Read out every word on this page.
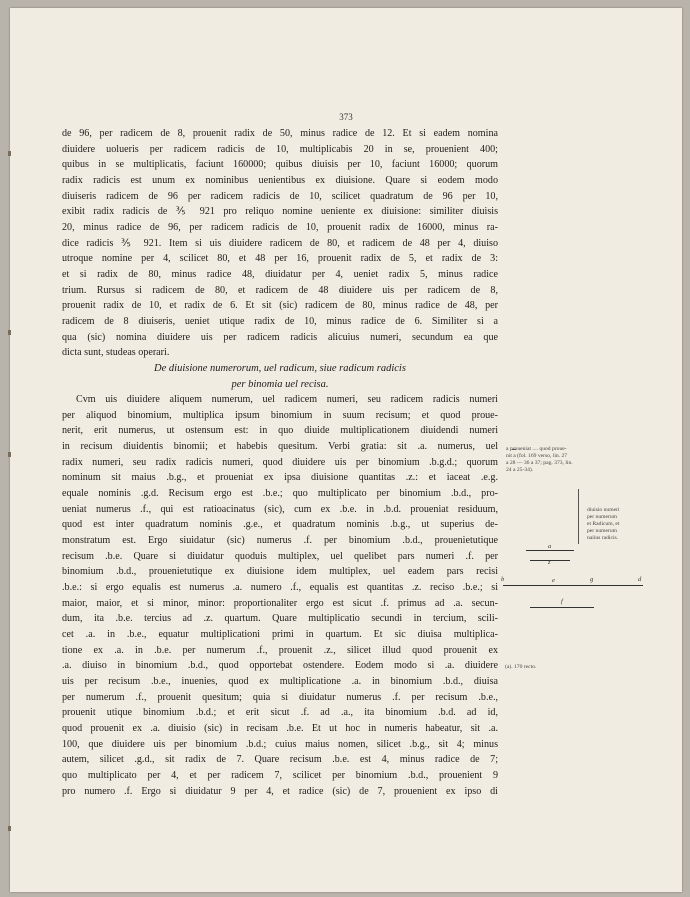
373
de 96, per radicem de 8, prouenit radix de 50, minus radice de 12. Et si eadem nomina
diuidere uolueris per radicem radicis de 10, multiplicabis 20 in se, prouenient 400;
quibus in se multiplicatis, faciunt 160000; quibus diuisis per 10, faciunt 16000; quorum
radix radicis est unum ex nominibus uenientibus ex diuisione. Quare si eodem modo
diuiseris radicem de 96 per radicem radicis de 10, scilicet quadratum de 96 per 10,
exibit radix radicis de ⅗ 921 pro reliquo nomine ueniente ex diuisione: similiter diuisis
20, minus radice de 96, per radicem radicis de 10, prouenit radix de 16000, minus ra-
dice radicis ⅗ 921. Item si uis diuidere radicem de 80, et radicem de 48 per 4, diuiso
utroque nomine per 4, scilicet 80, et 48 per 16, prouenit radix de 5, et radix de 3:
et si radix de 80, minus radice 48, diuidatur per 4, ueniet radix 5, minus radice
trium. Rursus si radicem de 80, et radicem de 48 diuidere uis per radicem de 8,
prouenit radix de 10, et radix de 6. Et sit (sic) radicem de 80, minus radice de 48, per
radicem de 8 diuiseris, ueniet utique radix de 10, minus radice de 6. Similiter si a
qua (sic) nomina diuidere uis per radicem radicis alicuius numeri, secundum ea que
dicta sunt, studeas operari.
De diuisione numerorum, uel radicum, siue radicum radicis
per binomia uel recisa.
Cvm uis diuidere aliquem numerum, uel radicem numeri, seu radicem radicis numeri
per aliquod binomium, multiplica ipsum binomium in suum recisum; et quod proue-
nerit, erit numerus, ut ostensum est: in quo diuide multiplicationem diuidendi numeri
in recisum diuidentis binomii; et habebis quesitum. Verbi gratia: sit .a. numerus, uel
radix numeri, seu radix radicis numeri, quod diuidere uis per binomium .b.g.d.; quorum
nominum sit maius .b.g., et proueniat ex ipsa diuisione quantitas .z.: et iaceat .e.g.
equale nominis .g.d. Recisum ergo est .b.e.; quo multiplicato per binomium .b.d., pro-
ueniat numerus .f., qui est ratioacinatus (sic), cum ex .b.e. in .b.d. proueniat residuum,
quod est inter quadratum nominis .g.e., et quadratum nominis .b.g., ut superius de-
monstratum est. Ergo siuidatur (sic) numerus .f. per binomium .b.d., prouenietutique
recisum .b.e. Quare si diuidatur quoduis multiplex, uel quelibet pars numeri .f. per
binomium .b.d., prouenietutique ex diuisione idem multiplex, uel eadem pars recisi
.b.e.: si ergo equalis est numerus .a. numero .f., equalis est quantitas .z. reciso .b.e.; si
maior, maior, et si minor, minor: proportionaliter ergo est sicut .f. primus ad .a. secun-
dum, ita .b.e. tercius ad .z. quartum. Quare multiplicatio secundi in tercium, scili-
cet .a. in .b.e., equatur multiplicationi primi in quartum. Et sic diuisa multiplica-
tione ex .a. in .b.e. per numerum .f., prouenit .z., silicet illud quod prouenit ex
.a. diuiso in binomium .b.d., quod opportebat ostendere. Eodem modo si .a. diuidere
uis per recisum .b.e., inuenies, quod ex multiplicatione .a. in binomium .b.d., diuisa
per numerum .f., prouenit quesitum; quia si diuidatur numerus .f. per recisum .b.e.,
prouenit utique binomium .b.d.; et erit sicut .f. ad .a., ita binomium .b.d. ad id,
quod prouenit ex .a. diuisio (sic) in recisam .b.e. Et ut hoc in numeris habeatur, sit .a.
100, que diuidere uis per binomium .b.d.; cuius maius nomen, silicet .b.g., sit 4; minus
autem, silicet .g.d., sit radix de 7. Quare recisum .b.e. est 4, minus radice de 7;
quo multiplicato per 4, et per radicem 7, scilicet per binomium .b.d., prouenient 9
pro numero .f. Ergo si diuidatur 9 per 4, et radice (sic) de 7, prouenient ex ipso di
a proueniat .... quod proue-
nit a (fol. 169 verso, lin. 27
a 28 — 36 a 37; pag. 373, lin.
24 a 25-34).
diuisio numeri
per numerum
et Radicum, et
per numerum
naiius radicis.
a
z
b	e	g	d
f
(a). 170 recto.
